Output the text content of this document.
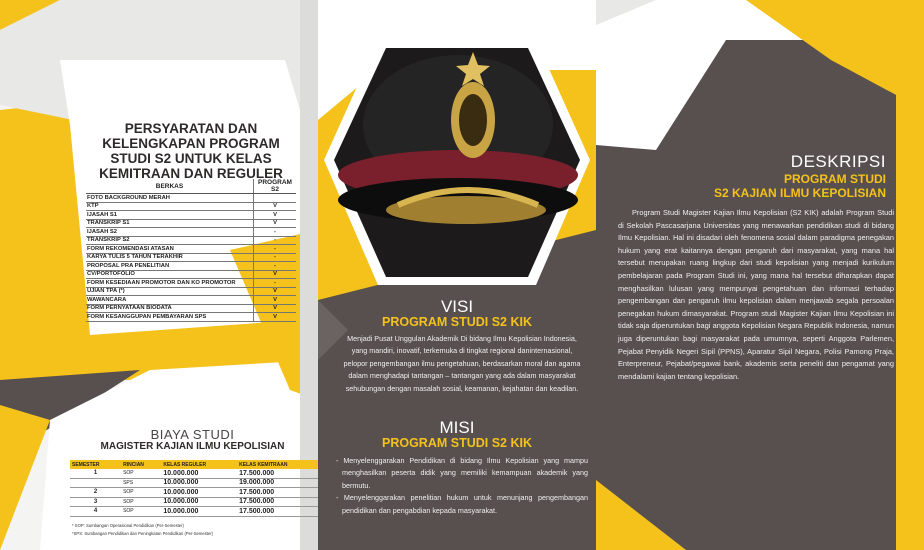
PERSYARATAN DAN KELENGKAPAN PROGRAM STUDI S2 UNTUK KELAS KEMITRAAN DAN REGULER
BERKAS	PROGRAM S2
FOTO BACKGROUND MERAH	
KTP	V
IJASAH S1	V
TRANSKRIP S1	V
IJASAH S2	-
TRANSKRIP S2	-
FORM REKOMENDASI ATASAN	-
KARYA TULIS 5 TAHUN TERAKHIR	-
PROPOSAL PRA PENELITIAN	-
CV/PORTOFOLIO	V
FORM KESEDIAAN PROMOTOR DAN KO PROMOTOR	-
UJIAN TPA (*)	V
WAWANCARA	V
FORM PERNYATAAN BIODATA	V
FORM KESANGGUPAN PEMBAYARAN SPS	V
BIAYA STUDI
MAGISTER KAJIAN ILMU KEPOLISIAN
SEMESTER	RINCIAN	KELAS REGULER	KELAS KEMITRAAN
1	SOP	10.000.000	17.500.000
	SPS	10.000.000	19.000.000
2	SOP	10.000.000	17.500.000
3	SOP	10.000.000	17.500.000
4	SOP	10.000.000	17.500.000
* SOP: Sumbangan Operasional Pendidikan (Per-Semester)
*SPS: Sumbangan Pendidikan dan Peningkatan Pendidikan (Per-Semester)
VISI
PROGRAM STUDI S2 KIK
Menjadi Pusat Unggulan Akademik Di bidang Ilmu Kepolisian Indonesia, yang mandiri, inovatif, terkemuka di tingkat regional daninternasional, pelopor pengembangan ilmu pengetahuan, berdasarkan moral dan agama dalam menghadapi tantangan – tantangan yang ada dalam masyarakat sehubungan dengan masalah sosial, keamanan, kejahatan dan keadilan.
MISI
PROGRAM STUDI S2 KIK
- Menyelenggarakan Pendidikan di bidang Ilmu Kepolisian yang mampu menghasilkan peserta didik yang memiliki kemampuan akademik yang bermutu.
- Menyelenggarakan penelitian hukum untuk menunjang pengembangan pendidikan dan pengabdian kepada masyarakat.
DESKRIPSI
PROGRAM STUDI
S2 KAJIAN ILMU KEPOLISIAN
Program Studi Magister Kajian Ilmu Kepolisian (S2 KIK) adalah Program Studi di Sekolah Pascasarjana Universitas yang menawarkan pendidikan studi di bidang Ilmu Kepolisian. Hal ini disadari oleh fenomena sosial dalam paradigma penegakan hukum yang erat kaitannya dengan pengaruh dari masyarakat, yang mana hal tersebut merupakan ruang lingkup dari studi kepolisian yang menjadi kurikulum pembelajaran pada Program Studi ini, yang mana hal tersebut diharapkan dapat menghasilkan lulusan yang mempunyai pengetahuan dan informasi terhadap pengembangan dan pengaruh ilmu kepolisian dalam menjawab segala persoalan penegakan hukum dimasyarakat. Program studi Magister Kajian Ilmu Kepolisian ini tidak saja diperuntukan bagi anggota Kepolisian Negara Republik Indonesia, namun juga diperuntukan bagi masyarakat pada umumnya, seperti Anggota Parlemen, Pejabat Penyidik Negeri Sipil (PPNS), Aparatur Sipil Negara, Polisi Pamong Praja, Enterpreneur, Pejabat/pegawai bank, akademis serta peneliti dan pengamat yang mendalami kajian tentang kepolisian.
